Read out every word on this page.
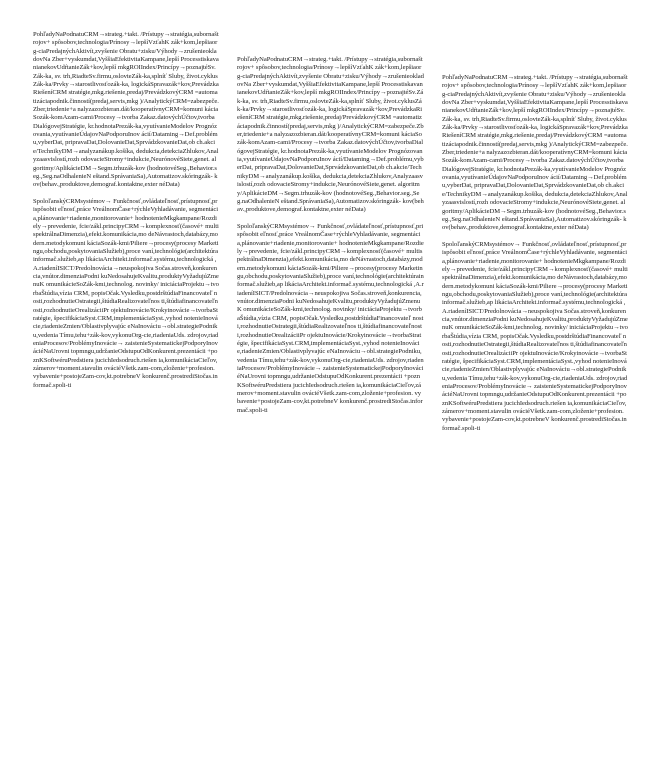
PohľadyNaPodnatuCRM→strateg.+takt. /Prístupy→stratégia,subornaštrojov+ spôsobov,technologia/Prínosy→lepšíVzťahK zák+kom,lepšiaorg-ciaPredajnýchAktivít,zvyšenie Obratu+zisku/Výhody→zrušenieokladovNa Zber+vyskumdat,VyššiaEfektivitaKampane,lepší ProcesstiskavanianekovUdŕtanieZák+kov,lepší mkgROIIndex/Princípy→poznajtéSv.Zák-ka, sv. trh,RiadteSv.firmu,oslovteZák-ka,splníť Sluby, život.cyklusZák-ka/Prvky→starostlivosťozák-ka, logickáSpravazák+kov,PrevádzkaRiešeníCRM stratégie,mkg.riešenie,predaj/PrevádzkovýCRM =automatizáciapodnik.činností(predaj,servis,mkg )/AnalytickýCRM=zabezpeče.Zber,triedenie+a nalyzazozbieran.dát/kooperatívnyCRM=komuni káciaSozák-komAzam-cami/Procesy→tvorba Zakaz.datovýchÚčtov,tvorbaDialógovejStratégie, kr.hodnotaPrezák-ka,vyutívanieModelov Prognózovania,vyutívanieÚdajovNaPodporuInov ácií/Dataming→Def.problému,vyberDat, pripravaDat,DolovanieDat,SprvádzkovanieDat,ob ch.akcie/TechnikyDM→analyzanákup.košíka, dedukcia,detekciaZhlukov,Analyzaasvislostí,rozh odovacieStromy+indukcie,NeurónovéSiete,genet. algoritmy/AplikácieDM→Segm.trhuzák-kov (hodnotovéSeg.,Behavior.seg.,Seg.naOdhalenieN eštand.SprávaniaSa),Automatizov.skóringzák- kov(behav.,produktove,demograf.kontaktne,exter néData)

SpoloľanskýCRMsystémov→ Funkčnosť,ovládateľnosť,prístupnosť,prispôsobit eľnosť,práce VreálnomČase+rýchleVyhladávanie, segmentácia,plánovanie+riadenie,monitorovanie+ hodnotenieMkgkampane/Rozdiely→prevedenie, fcie/zákl.principyCRM→komplexnosť(časové+ multispektrálnaDimenzia),efekt.komunikácia,mo deNávrastoch,databázy,modern.metodykomuni káciaSozák-kmi/Piliere→procesy(procesy Marketingu,obchodu,poskytovaniaSlužieb),proce vaní,technológie(architektúrainformač.služieb,ap likáciaArchitekt.informač.systému,technologická ,A.riadeníISICT/Predolnovácia→neuspokojiva Sočas.stroveň,konkurencia,vnútor.dimenziaPodni kuNedosahujeKvalitu,produktyVyžadujúZmenuK omunikácieSoZák-kmi,technolog. novinky/ iniciáciaProjektu→tvorbaŠtúdia,vízia CRM, popisOčak.Vysledku,postdrštúdiaFinancovateľ nosti,rozhodnutieOstrategii,štúdiaRealizovateľnos ti,štúdiafinancovateľnosti,rozhodnutieOrealizáciiPr ojektuInovácie/Krokyinovácie→tvorbaStratégie, špecifikáciaSyst.CRM,implementáciaSyst.,vyhod notenieInovácie,riadenieZmien/Oblastivplyvajúc eNaInováciu→obl.strategiePodniku,vedenia Tímu,tehu+zák-kov,vykonuOrg-cie,riadeniaUds. zdrojov,riadeniaProcesov/ProblémyInovácie→ zaistenieSystematickejPodporyInováciéNaUrovni topmngu,udržanieOdstupuOdKonkurent.prezentácii +poznKSoftwéruPredstiera jucichIedsodruch.riešen ia,komunikáciaCieľov,zámerov+moment.stavulin ováciéVšetk.zam-com,zloženie+profesion. vybavenie+postojeZam-cov,kt.potrebneV konkurenč.prostrediStočas.informač.spoli-ti

PohľadyNaPodnatuCRM→strateg.+takt. /Prístupy→stratégia,subornaštrojov+ spôsobov,technologia/Prínosy→lepšíVzťahK zák+kom,lepšiaorg-ciaPredajnýchAktivít,zvyšenie Obratu+zisku/Výhody→zrušenieokladovNa Zber+vyskumdat,VyššiaEfektivitaKampane,lepší ProcesstiskavanianekovUdŕtanieZák+kov,lepší mkgROIIndex/Princípy→poznajtéSv.Zák-ka, sv. trh,RiadteSv.firmu,oslovteZák-ka,splníť Sluby, život.cyklusZák-ka/Prvky→starostlivosťozák-ka, logickáSpravazák+kov,PrevádzkaRiešeníCRM stratégie,mkg.riešenie,predaj/PrevádzkovýCRM =automatizáciapodnik.činností(predaj,servis,mkg )/AnalytickýCRM=zabezpeče.Zber,triedenie+a nalyzazozbieran.dát/kooperatívnyCRM=komuni káciaSozák-komAzam-cami/Procesy→tvorba Zakaz.datovýchÚčtov,tvorbaDialógovejStratégie, kr.hodnotaPrezák-ka,vyutívanieModelov Prognózovania,vyutívanieÚdajovNaPodporuInov ácií/Dataming→Def.problému,vyberDat, pripravaDat,DolovanieDat,SprvádzkovanieDat,ob ch.akcie/TechnikyDM→analyzanákup.košíka, dedukcia,detekciaZhlukov,Analyzaasvislostí,rozh odovacieStromy+indukcie,NeurónovéSiete,genet. algoritmy/AplikácieDM→Segm.trhuzák-kov (hodnotovéSeg.,Behavior.seg.,Seg.naOdhalenieN eštand.SprávaniaSa),Automatizov.skóringzák- kov(behav.,produktove,demograf.kontaktne,exter néData)

SpoloľanskýCRMsystémov→ Funkčnosť,ovládateľnosť,prístupnosť,prispôsobit eľnosť,práce VreálnomČase+rýchleVyhladávanie, segmentácia,plánovanie+riadenie,monitorovanie+ hodnotenieMkgkampane/Rozdiely→prevedenie, fcie/zákl.principyCRM→komplexnosť(časové+ multispektrálnaDimenzia),efekt.komunikácia,mo deNávrastoch,databázy,modern.metodykomuni káciaSozák-kmi/Piliere→procesy(procesy Marketingu,obchodu,poskytovaniaSlužieb),proce vaní,technológie(architektúrainformač.služieb,ap likáciaArchitekt.informač.systému,technologická ,A.riadeníISICT/Predolnovácia→neuspokojiva Sočas.stroveň,konkurencia,vnútor.dimenziaPodni kuNedosahujeKvalitu,produktyVyžadujúZmenuK omunikácieSoZák-kmi,technolog. novinky/ iniciáciaProjektu→tvorbaŠtúdia,vízia CRM, popisOčak.Vysledku,postdrštúdiaFinancovateľ nosti,rozhodnutieOstrategii,štúdiaRealizovateľnos ti,štúdiafinancovateľnosti,rozhodnutieOrealizáciiPr ojektuInovácie/Krokyinovácie→tvorbaStratégie, špecifikáciaSyst.CRM,implementáciaSyst.,vyhod notenieInovácie,riadenieZmien/Oblastivplyvajúc eNaInováciu→obl.strategiePodniku,vedenia Tímu,tehu+zák-kov,vykonuOrg-cie,riadeniaUds. zdrojov,riadeniaProcesov/ProblémyInovácie→ zaistenieSystematickejPodporyInováciéNaUrovni topmngu,udržanieOdstupuOdKonkurent.prezentácii +poznKSoftwéruPredstiera jucichIedsodruch.riešen ia,komunikáciaCieľov,zámerov+moment.stavulin ováciéVšetk.zam-com,zloženie+profesion. vybavenie+postojeZam-cov,kt.potrebneV konkurenč.prostrediStočas.informač.spoli-ti

PohľadyNaPodnatuCRM→strateg.+takt. /Prístupy→stratégia,subornaštrojov+ spôsobov,technologia/Prínosy→lepšíVzťahK zák+kom,lepšiaorg-ciaPredajnýchAktivít,zvyšenie Obratu+zisku/Výhody→zrušenieokladovNa Zber+vyskumdat,VyššiaEfektivitaKampane,lepší ProcesstiskavanianekovUdŕtanieZák+kov,lepší mkgROIIndex/Princípy→poznajtéSv.Zák-ka, sv. trh,RiadteSv.firmu,oslovteZák-ka,splníť Sluby, život.cyklusZák-ka/Prvky→starostlivosťozák-ka, logickáSpravazák+kov,PrevádzkaRiešeníCRM stratégie,mkg.riešenie,predaj/PrevádzkovýCRM =automatizáciapodnik.činností(predaj,servis,mkg )/AnalytickýCRM=zabezpeče.Zber,triedenie+a nalyzazozbieran.dát/kooperatívnyCRM=komuni káciaSozák-komAzam-cami/Procesy→tvorba Zakaz.datovýchÚčtov,tvorbaDialógovejStratégie, kr.hodnotaPrezák-ka,vyutívanieModelov Prognózovania,vyutívanieÚdajovNaPodporuInov ácií/Dataming→Def.problému,vyberDat, pripravaDat,DolovanieDat,SprvádzkovanieDat,ob ch.akcie/TechnikyDM→analyzanákup.košíka, dedukcia,detekciaZhlukov,Analyzaasvislostí,rozh odovacieStromy+indukcie,NeurónovéSiete,genet. algoritmy/AplikácieDM→Segm.trhuzák-kov (hodnotovéSeg.,Behavior.seg.,Seg.naOdhalenieN eštand.SprávaniaSa),Automatizov.skóringzák- kov(behav.,produktove,demograf.kontaktne,exter néData)

SpoloľanskýCRMsystémov→ Funkčnosť,ovládateľnosť,prístupnosť,prispôsobit eľnosť,práce VreálnomČase+rýchleVyhladávanie, segmentácia,plánovanie+riadenie,monitorovanie+ hodnotenieMkgkampane/Rozdiely→prevedenie, fcie/zákl.principyCRM→komplexnosť(časové+ multispektrálnaDimenzia),efekt.komunikácia,mo deNávrastoch,databázy,modern.metodykomuni káciaSozák-kmi/Piliere→procesy(procesy Marketingu,obchodu,poskytovaniaSlužieb),proce vaní,technológie(architektúrainformač.služieb,ap likáciaArchitekt.informač.systému,technologická ,A.riadeníISICT/Predolnovácia→neuspokojiva Sočas.stroveň,konkurencia,vnútor.dimenziaPodni kuNedosahujeKvalitu,produktyVyžadujúZmenuK omunikácieSoZák-kmi,technolog. novinky/ iniciáciaProjektu→tvorbaŠtúdia,vízia CRM, popisOčak.Vysledku,postdrštúdiaFinancovateľ nosti,rozhodnutieOstrategii,štúdiaRealizovateľnos ti,štúdiafinancovateľnosti,rozhodnutieOrealizáciiPr ojektuInovácie/Krokyinovácie→tvorbaStratégie, špecifikáciaSyst.CRM,implementáciaSyst.,vyhod notenieInovácie,riadenieZmien/Oblastivplyvajúc eNaInováciu→obl.strategiePodniku,vedenia Tímu,tehu+zák-kov,vykonuOrg-cie,riadeniaUds. zdrojov,riadeniaProcesov/ProblémyInovácie→ zaistenieSystematickejPodporyInováciéNaUrovni topmngu,udržanieOdstupuOdKonkurent.prezentácii +poznKSoftwéruPredstiera jucichIedsodruch.riešen ia,komunikáciaCieľov,zámerov+moment.stavulin ováciéVšetk.zam-com,zloženie+profesion. vybavenie+postojeZam-cov,kt.potrebneV konkurenč.prostrediStočas.informač.spoli-ti
